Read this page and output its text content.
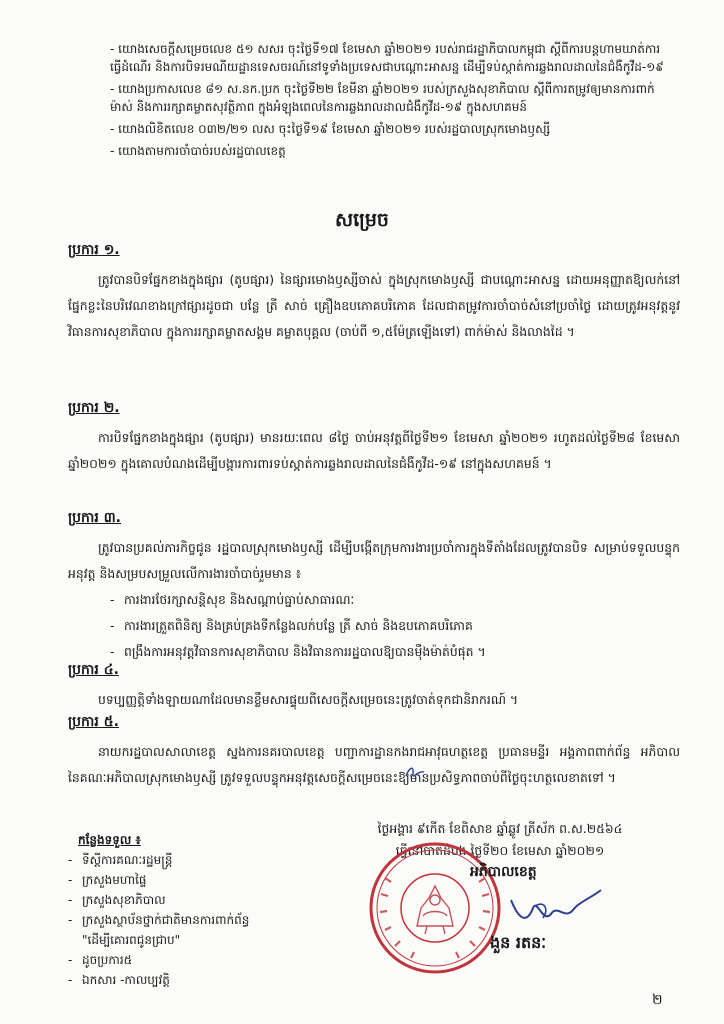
- យោងសេចក្តីសម្រេចលេខ ៥១ សសរ ចុះថ្ងៃទី១៧ ខែមេសា ឆ្នាំ២០២១ របស់រាជរដ្ឋាភិបាលកម្ពុជា ស្តីពីការបន្តហាមឃាត់ការធ្វើដំណើរ និងការបិទរមណីយដ្ឋានទេសចរណ៍នៅទូទាំងប្រទេសជាបណ្តោះអាសន្ន ដើម្បីទប់ស្កាត់ការឆ្លងរាលដាលនៃជំងឺកូវីដ-១៩
- យោងប្រកាសលេខ ៨១ ស.នក.ប្រក ចុះថ្ងៃទី២២ ខែមីនា ឆ្នាំ២០២១ របស់ក្រសួងសុខាភិបាល ស្តីពីការតម្រូវឲ្យមានការពាក់ម៉ាស់ និងការរក្សាគម្លាតសុវត្ថិភាព ក្នុងអំឡុងពេលនៃការឆ្លងរាលដាលជំងឺកូវីដ-១៩ ក្នុងសហគមន៍
- យោងលិខិតលេខ ០៣២/២១ លស ចុះថ្ងៃទី១៩ ខែមេសា ឆ្នាំ២០២១ របស់រដ្ឋបាលស្រុកមោងឫស្សី
- យោងតាមការចាំបាច់របស់រដ្ឋបាលខេត្ត
សម្រេច
ប្រការ ១.
ត្រូវបានបិទផ្នែកខាងក្នុងផ្សារ (តូបផ្សារ) នៃផ្សារមោងឫស្សីចាស់ ក្នុងស្រុកមោងឫស្សី ជាបណ្តោះអាសន្ន ដោយអនុញ្ញាតឱ្យលក់នៅផ្នែកខ្លះនៃបរិវេណខាងក្រៅផ្សារដូចជា បន្លែ ត្រី សាច់ គ្រឿងឧបភោគបរិភោគ ដែលជាតម្រូវការចាំបាច់សំនៅប្រចាំថ្ងៃ ដោយត្រូវអនុវត្តនូវវិធានការសុខាភិបាល ក្នុងការរក្សាគម្លាតសង្គម គម្លាតបុគ្គល (ចាប់ពី ១,៥ម៉ែត្រឡើងទៅ) ពាក់ម៉ាស់ និងលាងដៃ ។
ប្រការ ២.
ការបិទផ្នែកខាងក្នុងផ្សារ (តូបផ្សារ) មានរយៈពេល ៨ថ្ងៃ ចាប់អនុវត្តពីថ្ងៃទី២១ ខែមេសា ឆ្នាំ២០២១ រហូតដល់ថ្ងៃទី២៨ ខែមេសា ឆ្នាំ២០២១ ក្នុងគោលបំណងដើម្បីបង្ការការពារទប់ស្កាត់ការឆ្លងរាលដាលនៃជំងឺកូវីដ-១៩ នៅក្នុងសហគមន៍ ។
ប្រការ ៣.
ត្រូវបានប្រគល់ភារកិច្ចជូន រដ្ឋបាលស្រុកមោងឫស្សី ដើម្បីបង្កើតក្រុមការងារប្រចាំការក្នុងទីតាំងដែលត្រូវបានបិទ សម្រាប់ទទួលបន្ទុកអនុវត្ត និងសម្របសម្រួលលើការងារចាំបាច់រួមមាន ៖
- ការងារថែរក្សាសន្តិសុខ និងសណ្តាប់ធ្នាប់សាធារណៈ
- ការងារត្រួតពិនិត្យ និងគ្រប់គ្រងទីកន្លែងលក់បន្លែ ត្រី សាច់ និងឧបភោគបរិភោគ
- ពង្រឹងការអនុវត្តវិធានការសុខាភិបាល និងវិធានការរដ្ឋបាលឱ្យបានម៉ឺងម៉ាត់បំផុត ។
ប្រការ ៤.
បទប្បញ្ញត្តិទាំងឡាយណាដែលមានខ្លឹមសារផ្ទុយពីសេចក្តីសម្រេចនេះត្រូវចាត់ទុកជានិរាករណ៍ ។
ប្រការ ៥.
នាយករដ្ឋបាលសាលាខេត្ត ស្នងការនគរបាលខេត្ត បញ្ជាការដ្ឋានកងរាជអាវុធហត្ថខេត្ត ប្រធានមន្ទីរ អង្គភាពពាក់ព័ន្ធ អភិបាលនៃគណៈអភិបាលស្រុកមោងឫស្សី ត្រូវទទួលបន្ទុកអនុវត្តសេចក្តីសម្រេចនេះឱ្យមានប្រសិទ្ធភាពចាប់ពីថ្ងៃចុះហត្ថលេខាតទៅ ។
ថ្ងៃអង្គារ ៩កើត ខែពិសាខ ឆ្នាំឆ្លូវ ត្រីស័ក ព.ស.២៥៦៤
ធ្វើនៅបាត់ដំបង ថ្ងៃទី២០ ខែមេសា ឆ្នាំ២០២១
កន្លែងទទួល ៖
- ទីស្តីការគណៈរដ្ឋមន្ត្រី
- ក្រសួងមហាផ្ទៃ
- ក្រសួងសុខាភិបាល
- ក្រសួងស្ថាប័នថ្នាក់ជាតិមានការពាក់ព័ន្ធ
"ដើម្បីគោរពជូនជ្រាប"
- ដូចប្រការ៥
- ឯកសារ -កាលប្បវត្តិ
អភិបាលខេត្ត
ងួន រតនៈ
២
